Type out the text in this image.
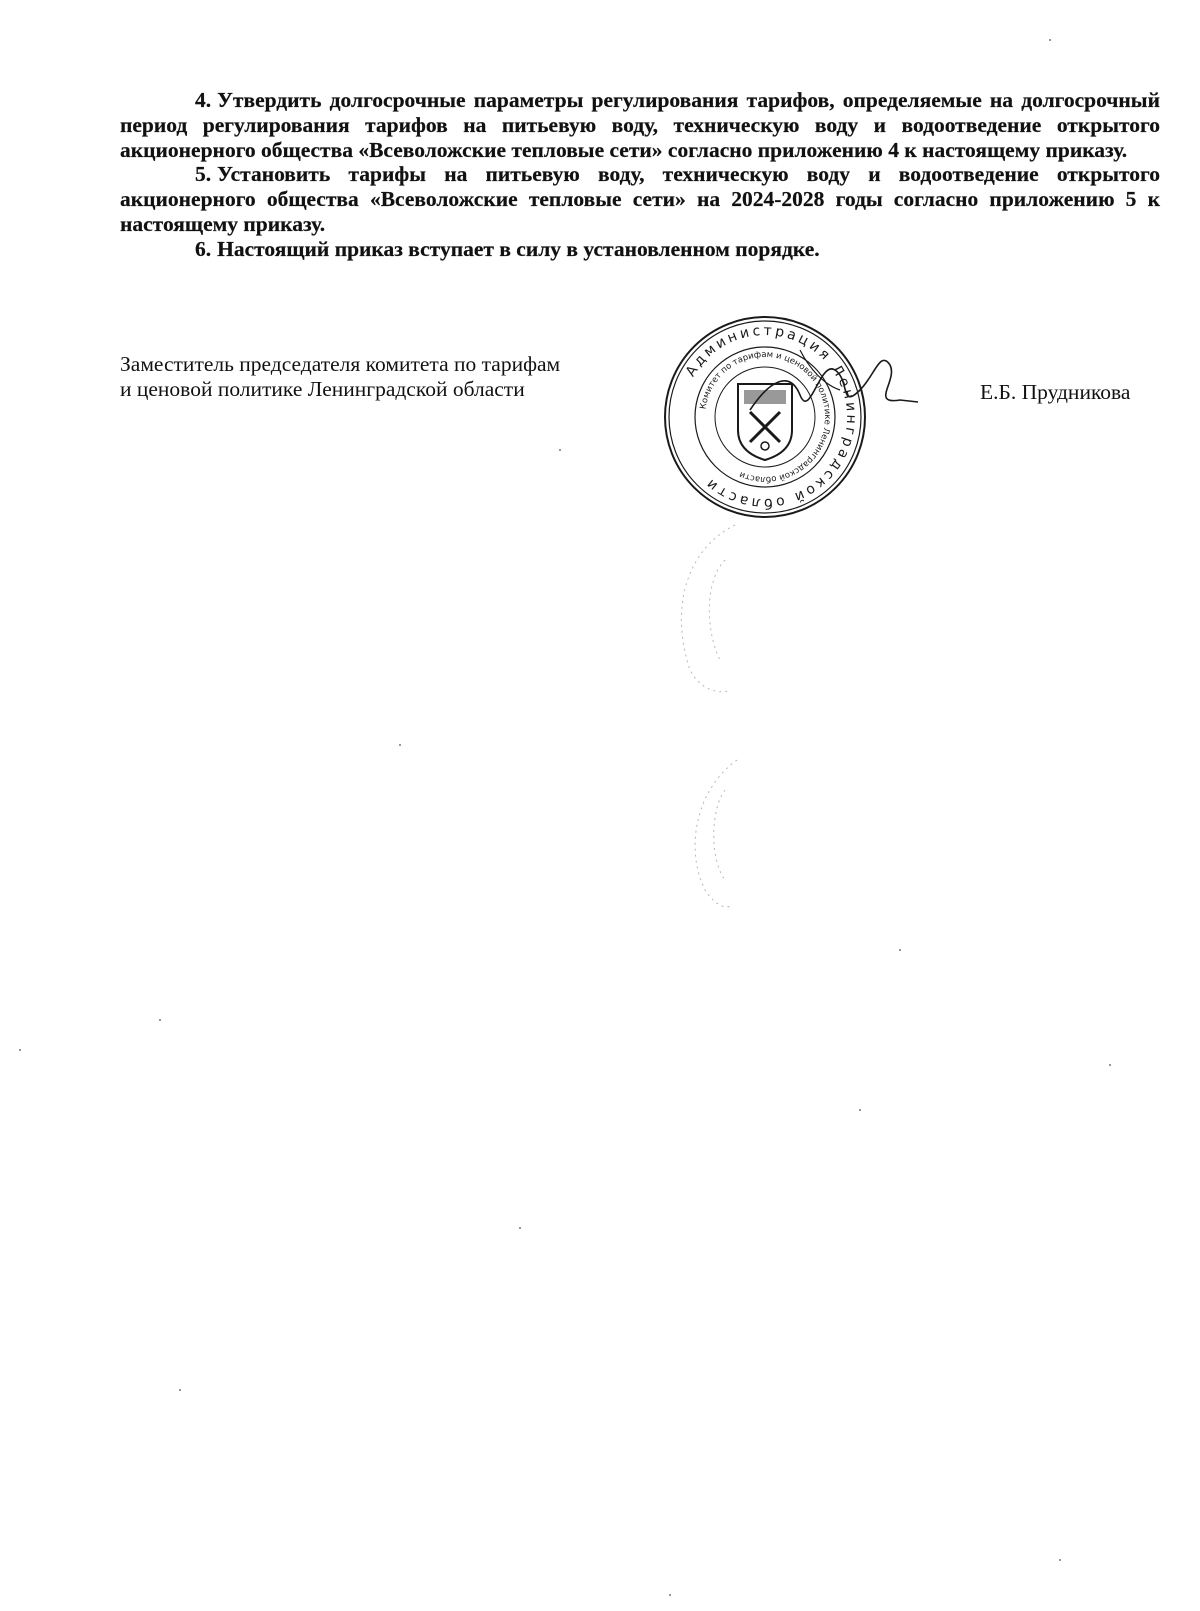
4. Утвердить долгосрочные параметры регулирования тарифов, определяемые на долгосрочный период регулирования тарифов на питьевую воду, техническую воду и водоотведение открытого акционерного общества «Всеволожские тепловые сети» согласно приложению 4 к настоящему приказу.

5. Установить тарифы на питьевую воду, техническую воду и водоотведение открытого акционерного общества «Всеволожские тепловые сети» на 2024-2028 годы согласно приложению 5 к настоящему приказу.

6. Настоящий приказ вступает в силу в установленном порядке.

Заместитель председателя комитета по тарифам
и ценовой политике Ленинградской области	Е.Б. Прудникова
Администрация Ленинградской области
Комитет по тарифам и ценовой политике Ленинградской области
